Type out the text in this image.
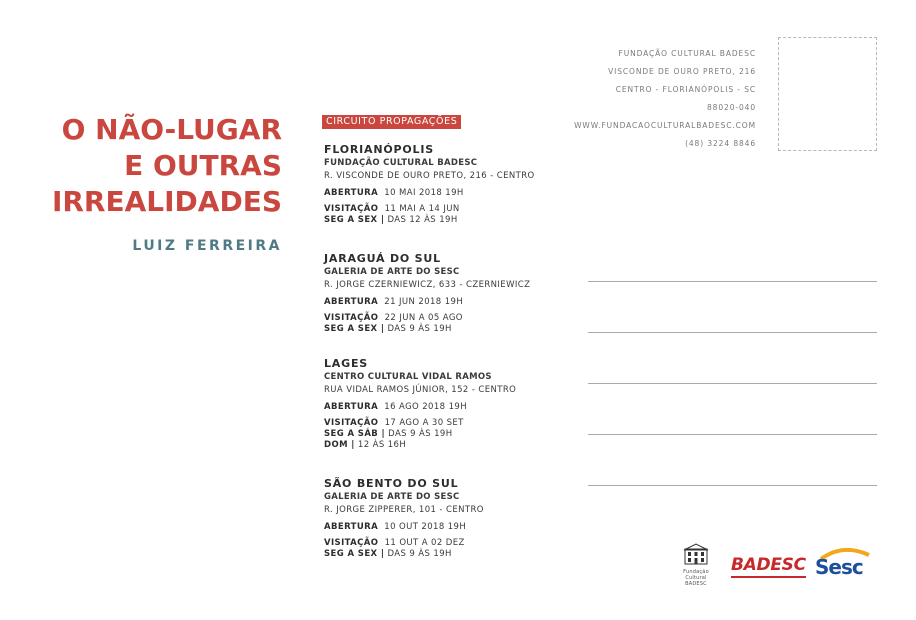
O NÃO-LUGAR
E OUTRAS
IRREALIDADES
LUIZ FERREIRA
CIRCUITO PROPAGAÇÕES
FLORIANÓPOLIS
FUNDAÇÃO CULTURAL BADESC
R. VISCONDE DE OURO PRETO, 216 - CENTRO
ABERTURA 10 MAI 2018 19H
VISITAÇÃO 11 MAI A 14 JUN
SEG A SEX | DAS 12 ÀS 19H
JARAGUÁ DO SUL
GALERIA DE ARTE DO SESC
R. JORGE CZERNIEWICZ, 633 - CZERNIEWICZ
ABERTURA 21 JUN 2018 19H
VISITAÇÃO 22 JUN A 05 AGO
SEG A SEX | DAS 9 ÀS 19H
LAGES
CENTRO CULTURAL VIDAL RAMOS
RUA VIDAL RAMOS JÚNIOR, 152 - CENTRO
ABERTURA 16 AGO 2018 19H
VISITAÇÃO 17 AGO A 30 SET
SEG A SÁB | DAS 9 ÀS 19H
DOM | 12 ÀS 16H
SÃO BENTO DO SUL
GALERIA DE ARTE DO SESC
R. JORGE ZIPPERER, 101 - CENTRO
ABERTURA 10 OUT 2018 19H
VISITAÇÃO 11 OUT A 02 DEZ
SEG A SEX | DAS 9 ÀS 19H
FUNDAÇÃO CULTURAL BADESC
VISCONDE DE OURO PRETO, 216
CENTRO - FLORIANÓPOLIS - SC
88020-040
WWW.FUNDACAOCULTURALBADESC.COM
(48) 3224 8846
Fundação
Cultural BADESC
BADESC Sesc
